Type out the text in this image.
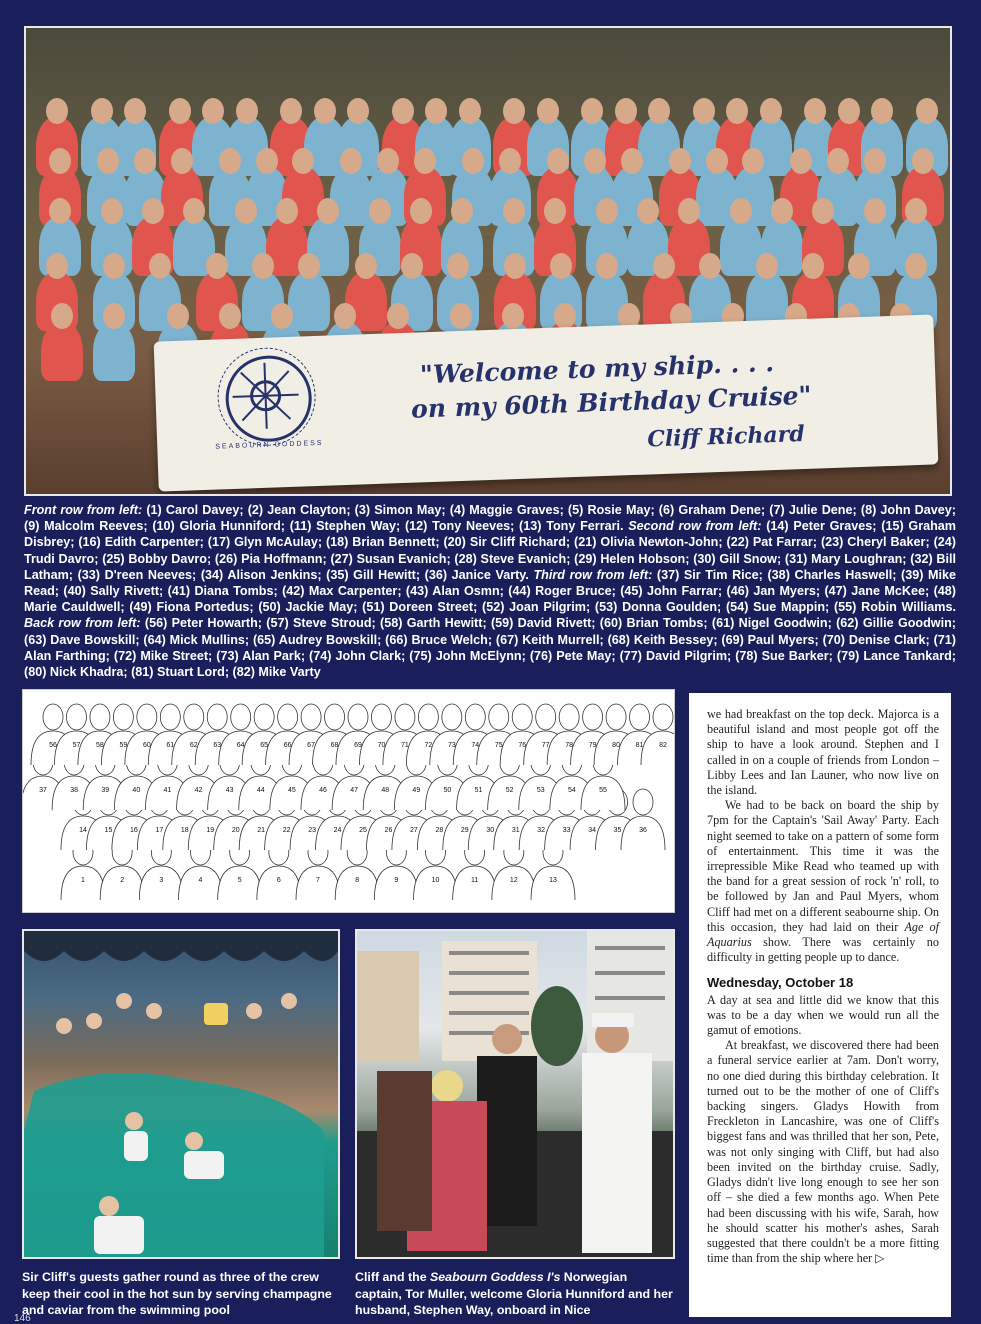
SEABOURN GODDESS
"Welcome to my ship. . . .
on my 60th Birthday Cruise"
Cliff Richard
Front row from left: (1) Carol Davey; (2) Jean Clayton; (3) Simon May; (4) Maggie Graves; (5) Rosie May; (6) Graham Dene; (7) Julie Dene; (8) John Davey; (9) Malcolm Reeves; (10) Gloria Hunniford; (11) Stephen Way; (12) Tony Neeves; (13) Tony Ferrari. Second row from left: (14) Peter Graves; (15) Graham Disbrey; (16) Edith Carpenter; (17) Glyn McAulay; (18) Brian Bennett; (20) Sir Cliff Richard; (21) Olivia Newton-John; (22) Pat Farrar; (23) Cheryl Baker; (24) Trudi Davro; (25) Bobby Davro; (26) Pia Hoffmann; (27) Susan Evanich; (28) Steve Evanich; (29) Helen Hobson; (30) Gill Snow; (31) Mary Loughran; (32) Bill Latham; (33) D'reen Neeves; (34) Alison Jenkins; (35) Gill Hewitt; (36) Janice Varty. Third row from left: (37) Sir Tim Rice; (38) Charles Haswell; (39) Mike Read; (40) Sally Rivett; (41) Diana Tombs; (42) Max Carpenter; (43) Alan Osmn; (44) Roger Bruce; (45) John Farrar; (46) Jan Myers; (47) Jane McKee; (48) Marie Cauldwell; (49) Fiona Portedus; (50) Jackie May; (51) Doreen Street; (52) Joan Pilgrim; (53) Donna Goulden; (54) Sue Mappin; (55) Robin Williams. Back row from left: (56) Peter Howarth; (57) Steve Stroud; (58) Garth Hewitt; (59) David Rivett; (60) Brian Tombs; (61) Nigel Goodwin; (62) Gillie Goodwin; (63) Dave Bowskill; (64) Mick Mullins; (65) Audrey Bowskill; (66) Bruce Welch; (67) Keith Murrell; (68) Keith Bessey; (69) Paul Myers; (70) Denise Clark; (71) Alan Farthing; (72) Mike Street; (73) Alan Park; (74) John Clark; (75) John McElynn; (76) Pete May; (77) David Pilgrim; (78) Sue Barker; (79) Lance Tankard; (80) Nick Khadra; (81) Stuart Lord; (82) Mike Varty
1	2	3	4	5	6	7	8	9	10	11	12	13
14	15	16	17	18	19	20	21	22	23	24	25	26	27	28	29	30	31	32	33	34	35	36
37	38	39	40	41	42	43	44	45	46	47	48	49	50	51	52	53	54	55
56 57 58 59 60 61 62 63 64 65 66 67 68 69 70 71 72 73 74 75 76 77 78 79 80 81 82
Sir Cliff's guests gather round as three of the crew keep their cool in the hot sun by serving champagne and caviar from the swimming pool
Cliff and the Seabourn Goddess I's Norwegian captain, Tor Muller, welcome Gloria Hunniford and her husband, Stephen Way, onboard in Nice

we had breakfast on the top deck. Majorca is a beautiful island and most people got off the ship to have a look around. Stephen and I called in on a couple of friends from London – Libby Lees and Ian Launer, who now live on the island.

We had to be back on board the ship by 7pm for the Captain's 'Sail Away' Party. Each night seemed to take on a pattern of some form of entertainment. This time it was the irrepressible Mike Read who teamed up with the band for a great session of rock 'n' roll, to be followed by Jan and Paul Myers, whom Cliff had met on a different seabourne ship. On this occasion, they had laid on their Age of Aquarius show. There was certainly no difficulty in getting people up to dance.

Wednesday, October 18

A day at sea and little did we know that this was to be a day when we would run all the gamut of emotions.

At breakfast, we discovered there had been a funeral service earlier at 7am. Don't worry, no one died during this birthday celebration. It turned out to be the mother of one of Cliff's backing singers. Gladys Howith from Freckleton in Lancashire, was one of Cliff's biggest fans and was thrilled that her son, Pete, was not only singing with Cliff, but had also been invited on the birthday cruise. Sadly, Gladys didn't live long enough to see her son off – she died a few months ago. When Pete had been discussing with his wife, Sarah, how he should scatter his mother's ashes, Sarah suggested that there couldn't be a more fitting time than from the ship where her ▷

146
